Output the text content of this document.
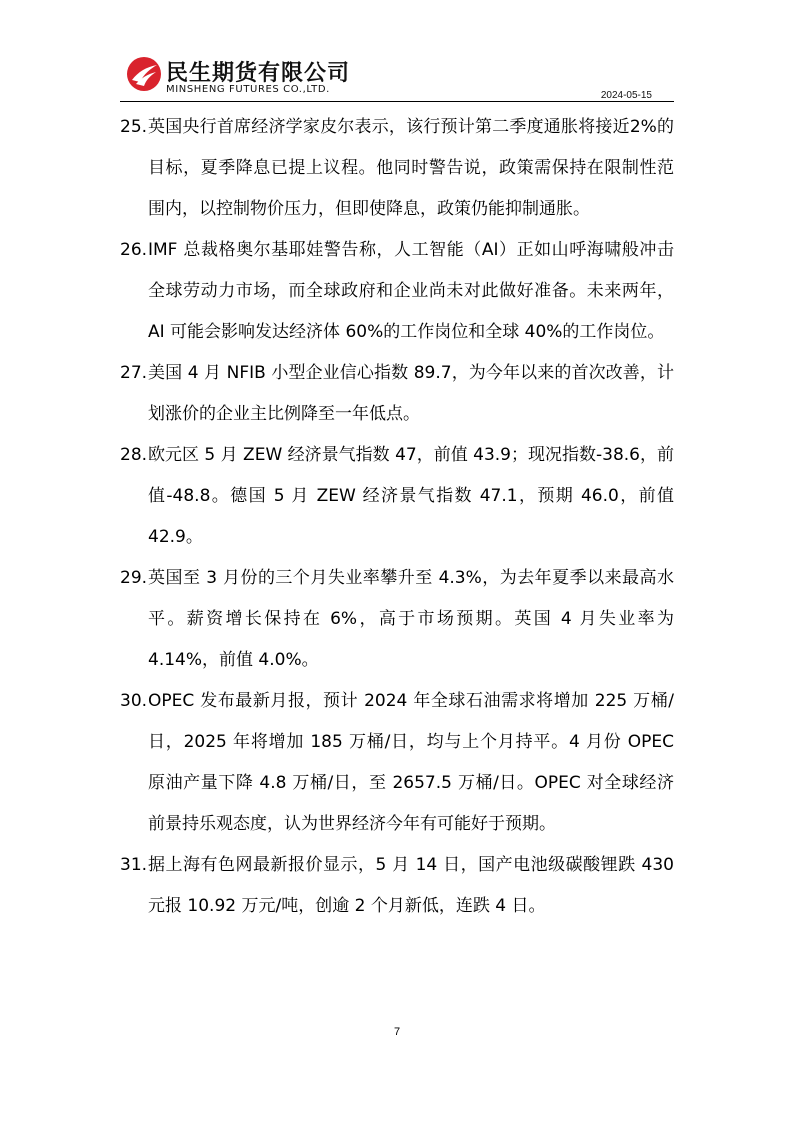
民生期货有限公司
MINSHENG FUTURES CO.,LTD.
2024-05-15
25. 英国央行首席经济学家皮尔表示，该行预计第二季度通胀将接近2%的目标，夏季降息已提上议程。他同时警告说，政策需保持在限制性范围内，以控制物价压力，但即使降息，政策仍能抑制通胀。
26. IMF 总裁格奥尔基耶娃警告称，人工智能（AI）正如山呼海啸般冲击全球劳动力市场，而全球政府和企业尚未对此做好准备。未来两年，AI 可能会影响发达经济体 60%的工作岗位和全球 40%的工作岗位。
27. 美国 4 月 NFIB 小型企业信心指数 89.7，为今年以来的首次改善，计划涨价的企业主比例降至一年低点。
28. 欧元区 5 月 ZEW 经济景气指数 47，前值 43.9；现况指数-38.6，前值-48.8。德国 5 月 ZEW 经济景气指数 47.1，预期 46.0，前值 42.9。
29. 英国至 3 月份的三个月失业率攀升至 4.3%，为去年夏季以来最高水平。薪资增长保持在 6%，高于市场预期。英国 4 月失业率为 4.14%，前值 4.0%。
30. OPEC 发布最新月报，预计 2024 年全球石油需求将增加 225 万桶/日，2025 年将增加 185 万桶/日，均与上个月持平。4 月份 OPEC 原油产量下降 4.8 万桶/日，至 2657.5 万桶/日。OPEC 对全球经济前景持乐观态度，认为世界经济今年有可能好于预期。
31. 据上海有色网最新报价显示，5 月 14 日，国产电池级碳酸锂跌 430 元报 10.92 万元/吨，创逾 2 个月新低，连跌 4 日。
7
